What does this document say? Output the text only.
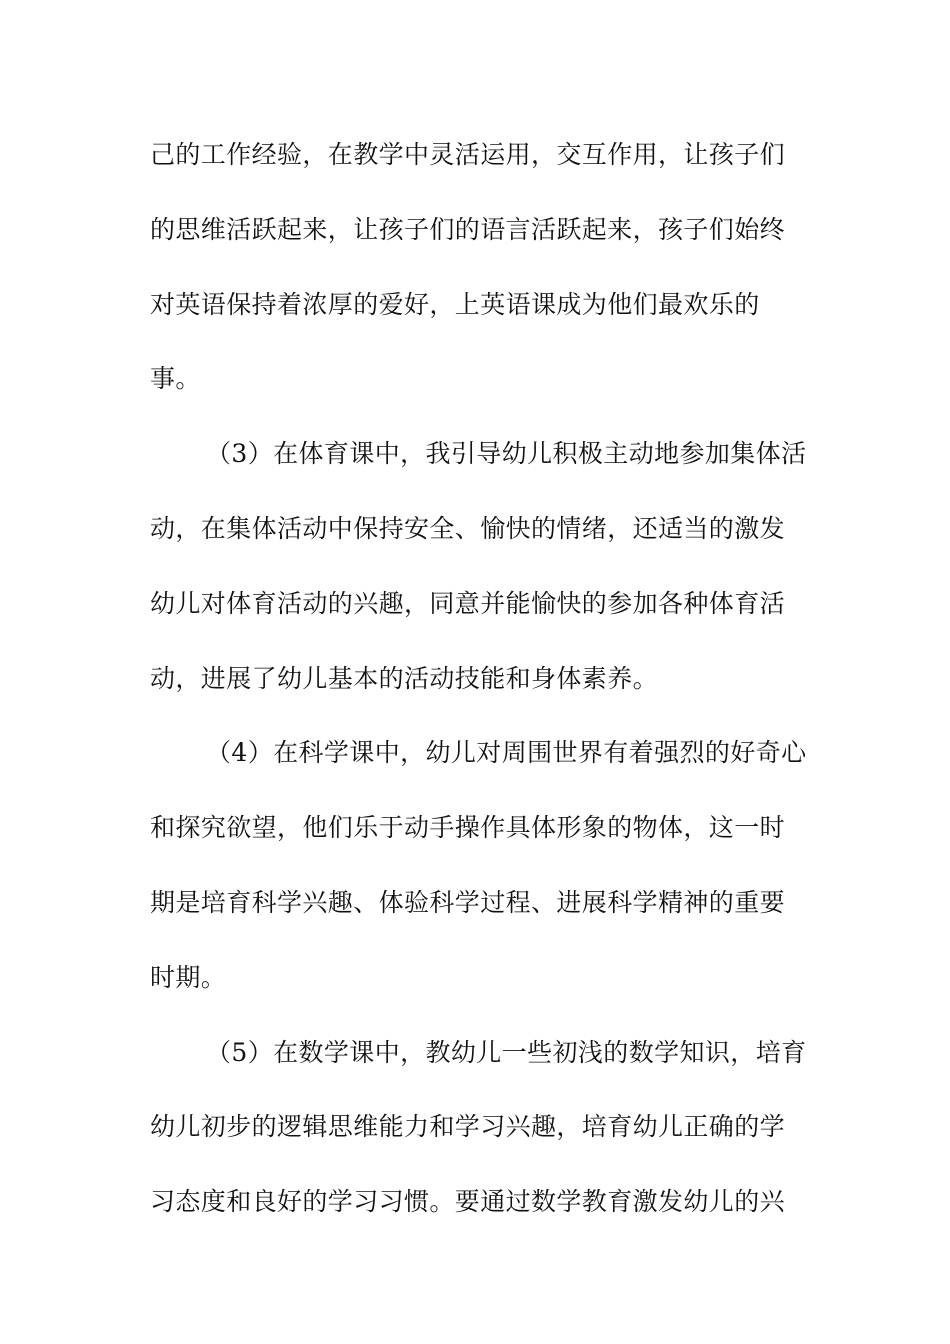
己的工作经验，在教学中灵活运用，交互作用，让孩子们
的思维活跃起来，让孩子们的语言活跃起来，孩子们始终
对英语保持着浓厚的爱好，上英语课成为他们最欢乐的
事。
（3）在体育课中，我引导幼儿积极主动地参加集体活
动，在集体活动中保持安全、愉快的情绪，还适当的激发
幼儿对体育活动的兴趣，同意并能愉快的参加各种体育活
动，进展了幼儿基本的活动技能和身体素养。
（4）在科学课中，幼儿对周围世界有着强烈的好奇心
和探究欲望，他们乐于动手操作具体形象的物体，这一时
期是培育科学兴趣、体验科学过程、进展科学精神的重要
时期。
（5）在数学课中，教幼儿一些初浅的数学知识，培育
幼儿初步的逻辑思维能力和学习兴趣，培育幼儿正确的学
习态度和良好的学习习惯。要通过数学教育激发幼儿的兴
